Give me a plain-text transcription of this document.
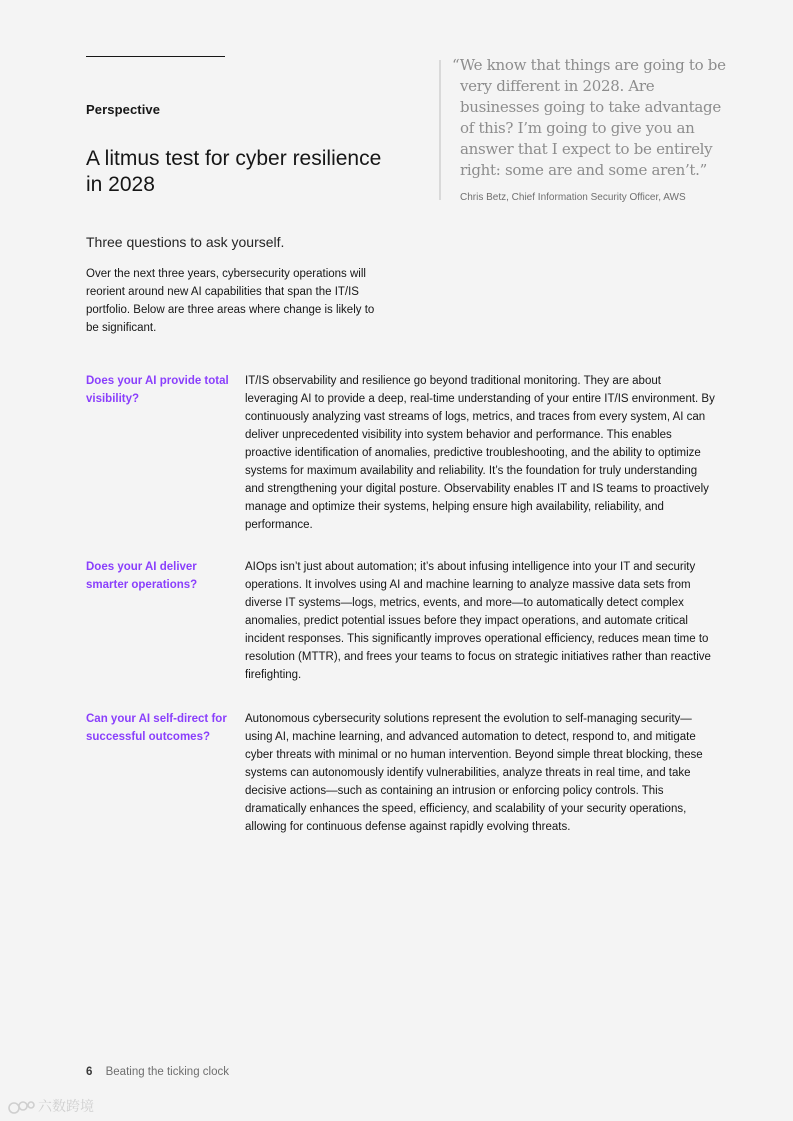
Perspective
A litmus test for cyber resilience in 2028
“We know that things are going to be very different in 2028. Are businesses going to take advantage of this? I’m going to give you an answer that I expect to be entirely right: some are and some aren’t.”
Chris Betz, Chief Information Security Officer, AWS
Three questions to ask yourself.
Over the next three years, cybersecurity operations will reorient around new AI capabilities that span the IT/IS portfolio. Below are three areas where change is likely to be significant.
Does your AI provide total visibility?
IT/IS observability and resilience go beyond traditional monitoring. They are about leveraging AI to provide a deep, real-time understanding of your entire IT/IS environment. By continuously analyzing vast streams of logs, metrics, and traces from every system, AI can deliver unprecedented visibility into system behavior and performance. This enables proactive identification of anomalies, predictive troubleshooting, and the ability to optimize systems for maximum availability and reliability. It’s the foundation for truly understanding and strengthening your digital posture. Observability enables IT and IS teams to proactively manage and optimize their systems, helping ensure high availability, reliability, and performance.
Does your AI deliver smarter operations?
AIOps isn’t just about automation; it’s about infusing intelligence into your IT and security operations. It involves using AI and machine learning to analyze massive data sets from diverse IT systems—logs, metrics, events, and more—to automatically detect complex anomalies, predict potential issues before they impact operations, and automate critical incident responses. This significantly improves operational efficiency, reduces mean time to resolution (MTTR), and frees your teams to focus on strategic initiatives rather than reactive firefighting.
Can your AI self-direct for successful outcomes?
Autonomous cybersecurity solutions represent the evolution to self-managing security—using AI, machine learning, and advanced automation to detect, respond to, and mitigate cyber threats with minimal or no human intervention. Beyond simple threat blocking, these systems can autonomously identify vulnerabilities, analyze threats in real time, and take decisive actions—such as containing an intrusion or enforcing policy controls. This dramatically enhances the speed, efficiency, and scalability of your security operations, allowing for continuous defense against rapidly evolving threats.
6 Beating the ticking clock
六数跨境
